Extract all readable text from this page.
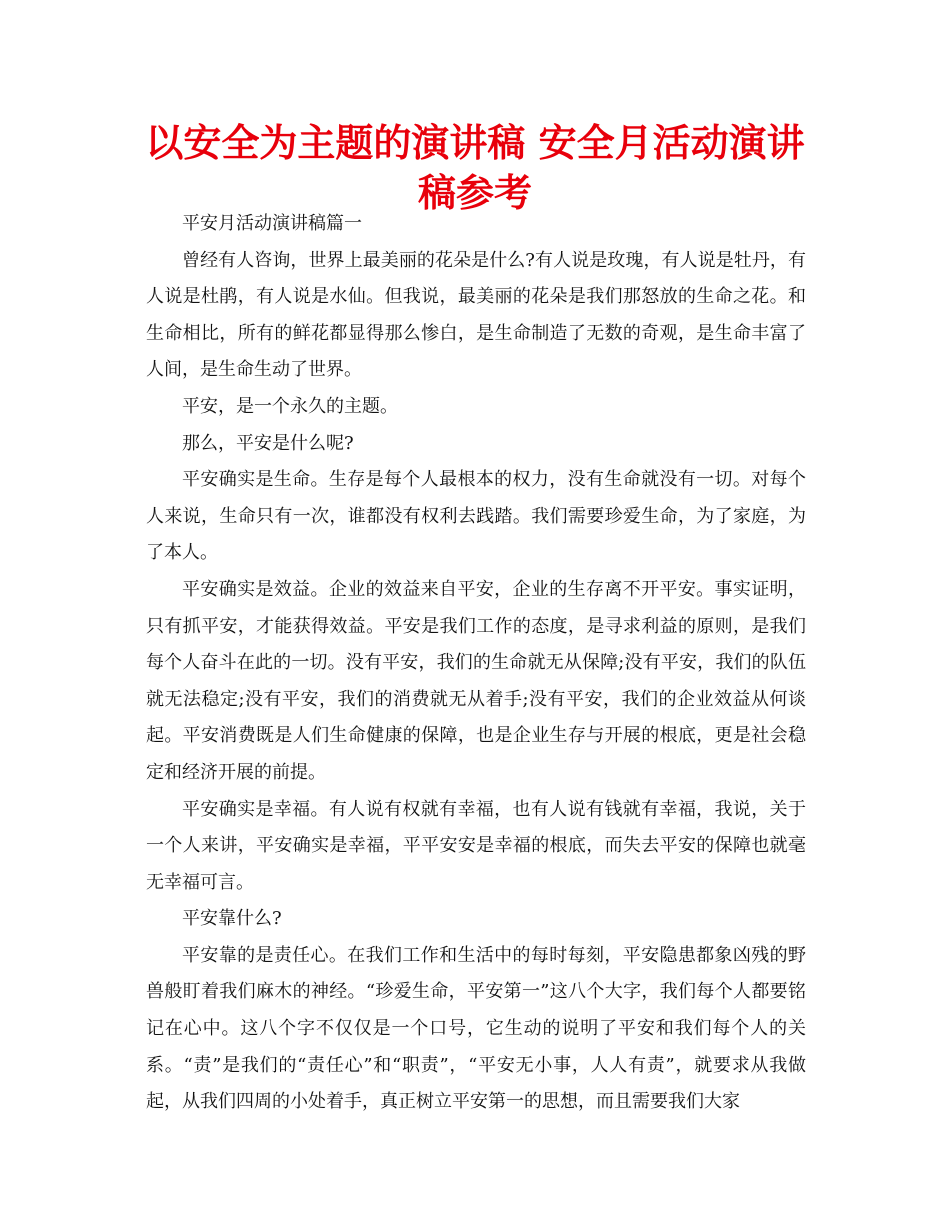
以安全为主题的演讲稿 安全月活动演讲稿参考

平安月活动演讲稿篇一

曾经有人咨询，世界上最美丽的花朵是什么?有人说是玫瑰，有人说是牡丹，有人说是杜鹃，有人说是水仙。但我说，最美丽的花朵是我们那怒放的生命之花。和生命相比，所有的鲜花都显得那么惨白，是生命制造了无数的奇观，是生命丰富了人间，是生命生动了世界。

平安，是一个永久的主题。

那么，平安是什么呢?

平安确实是生命。生存是每个人最根本的权力，没有生命就没有一切。对每个人来说，生命只有一次，谁都没有权利去践踏。我们需要珍爱生命，为了家庭，为了本人。

平安确实是效益。企业的效益来自平安，企业的生存离不开平安。事实证明，只有抓平安，才能获得效益。平安是我们工作的态度，是寻求利益的原则，是我们每个人奋斗在此的一切。没有平安，我们的生命就无从保障;没有平安，我们的队伍就无法稳定;没有平安，我们的消费就无从着手;没有平安，我们的企业效益从何谈起。平安消费既是人们生命健康的保障，也是企业生存与开展的根底，更是社会稳定和经济开展的前提。

平安确实是幸福。有人说有权就有幸福，也有人说有钱就有幸福，我说，关于一个人来讲，平安确实是幸福，平平安安是幸福的根底，而失去平安的保障也就毫无幸福可言。

平安靠什么?

平安靠的是责任心。在我们工作和生活中的每时每刻，平安隐患都象凶残的野兽般盯着我们麻木的神经。“珍爱生命，平安第一”这八个大字，我们每个人都要铭记在心中。这八个字不仅仅是一个口号，它生动的说明了平安和我们每个人的关系。“责”是我们的“责任心”和“职责”，“平安无小事，人人有责”，就要求从我做起，从我们四周的小处着手，真正树立平安第一的思想，而且需要我们大家
